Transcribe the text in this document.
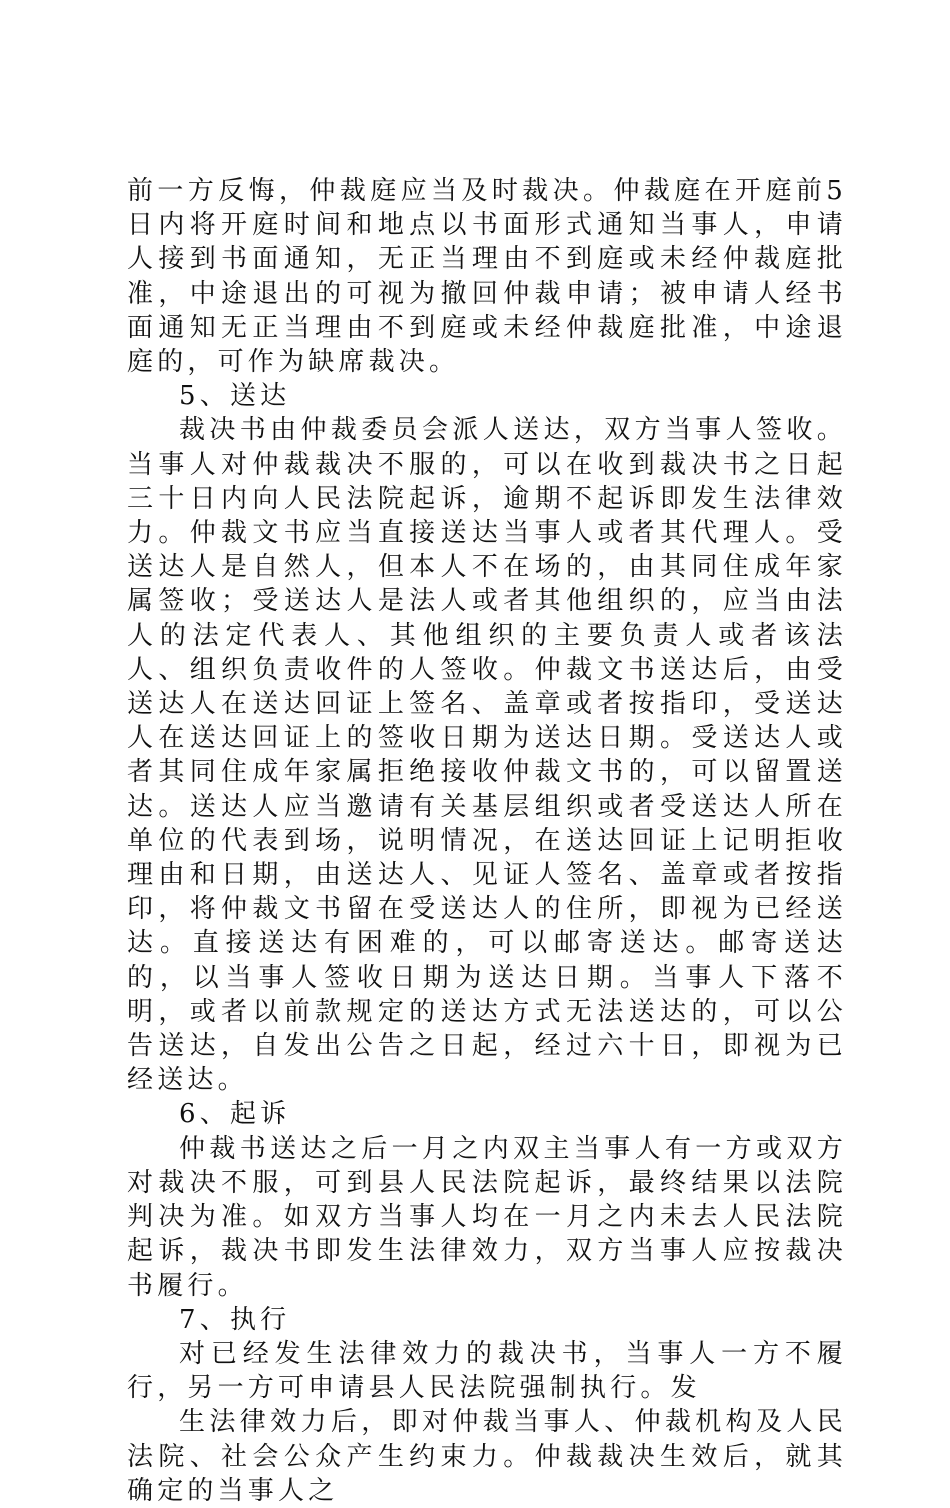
前一方反悔，仲裁庭应当及时裁决。仲裁庭在开庭前5日内将开庭时间和地点以书面形式通知当事人，申请人接到书面通知，无正当理由不到庭或未经仲裁庭批准，中途退出的可视为撤回仲裁申请；被申请人经书面通知无正当理由不到庭或未经仲裁庭批准，中途退庭的，可作为缺席裁决。

5、送达

裁决书由仲裁委员会派人送达，双方当事人签收。当事人对仲裁裁决不服的，可以在收到裁决书之日起三十日内向人民法院起诉，逾期不起诉即发生法律效力。仲裁文书应当直接送达当事人或者其代理人。受送达人是自然人，但本人不在场的，由其同住成年家属签收；受送达人是法人或者其他组织的，应当由法人的法定代表人、其他组织的主要负责人或者该法人、组织负责收件的人签收。仲裁文书送达后，由受送达人在送达回证上签名、盖章或者按指印，受送达人在送达回证上的签收日期为送达日期。受送达人或者其同住成年家属拒绝接收仲裁文书的，可以留置送达。送达人应当邀请有关基层组织或者受送达人所在单位的代表到场，说明情况，在送达回证上记明拒收理由和日期，由送达人、见证人签名、盖章或者按指印，将仲裁文书留在受送达人的住所，即视为已经送达。直接送达有困难的，可以邮寄送达。邮寄送达的，以当事人签收日期为送达日期。当事人下落不明，或者以前款规定的送达方式无法送达的，可以公告送达，自发出公告之日起，经过六十日，即视为已经送达。

6、起诉

仲裁书送达之后一月之内双主当事人有一方或双方对裁决不服，可到县人民法院起诉，最终结果以法院判决为准。如双方当事人均在一月之内未去人民法院起诉，裁决书即发生法律效力，双方当事人应按裁决书履行。

7、执行

对已经发生法律效力的裁决书，当事人一方不履行，另一方可申请县人民法院强制执行。发

生法律效力后，即对仲裁当事人、仲裁机构及人民法院、社会公众产生约束力。仲裁裁决生效后，就其确定的当事人之
